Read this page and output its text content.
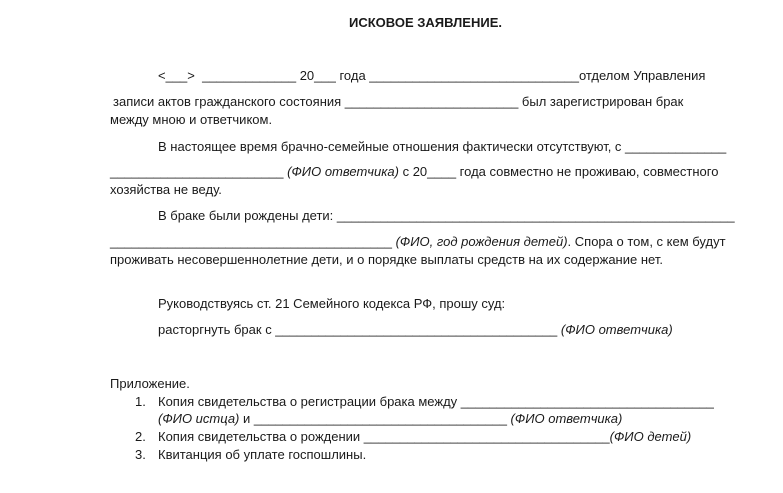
ИСКОВОЕ ЗАЯВЛЕНИЕ.
<___>  _____________ 20___ года _____________________________отделом Управления
записи актов гражданского состояния ________________________ был зарегистрирован брак
между мною и ответчиком.
В настоящее время брачно-семейные отношения фактически отсутствуют, с ______________
________________________ (ФИО ответчика) с 20____ года совместно не проживаю, совместного
хозяйства не веду.
В браке были рождены дети: _______________________________________________________
_______________________________________ (ФИО, год рождения детей). Спора о том, с кем будут
проживать несовершеннолетние дети, и о порядке выплаты средств на их содержание нет.
Руководствуясь ст. 21 Семейного кодекса РФ, прошу суд:
расторгнуть брак с _______________________________________ (ФИО ответчика)
Приложение.
1. Копия свидетельства о регистрации брака между ___________________________________
(ФИО истца) и ___________________________________ (ФИО ответчика)
2. Копия свидетельства о рождении __________________________________(ФИО детей)
3. Квитанция об уплате госпошлины.
